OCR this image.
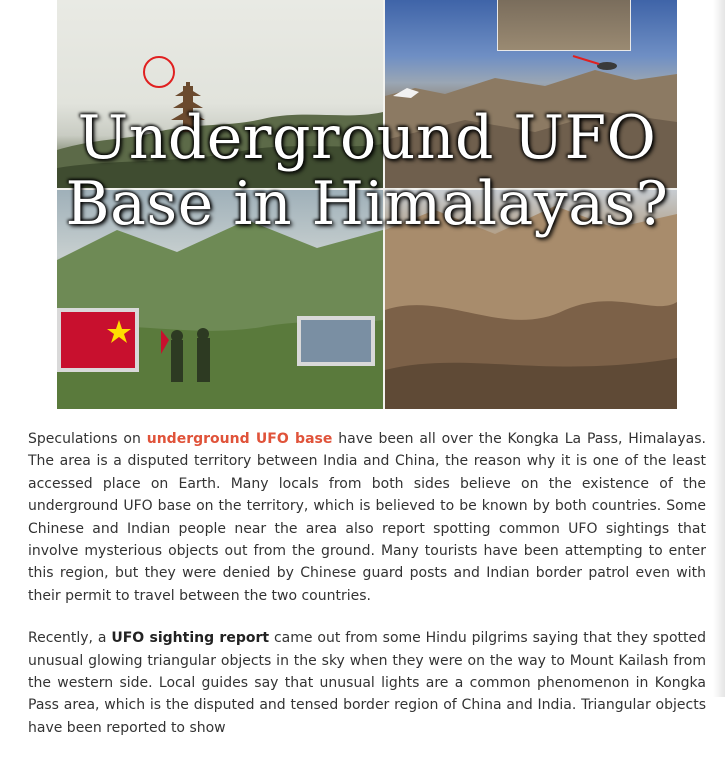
Underground UFO
Base in Himalayas?

Speculations on underground UFO base have been all over the Kongka La Pass, Himalayas. The area is a disputed territory between India and China, the reason why it is one of the least accessed place on Earth. Many locals from both sides believe on the existence of the underground UFO base on the territory, which is believed to be known by both countries. Some Chinese and Indian people near the area also report spotting common UFO sightings that involve mysterious objects out from the ground. Many tourists have been attempting to enter this region, but they were denied by Chinese guard posts and Indian border patrol even with their permit to travel between the two countries.

Recently, a UFO sighting report came out from some Hindu pilgrims saying that they spotted unusual glowing triangular objects in the sky when they were on the way to Mount Kailash from the western side. Local guides say that unusual lights are a common phenomenon in Kongka Pass area, which is the disputed and tensed border region of China and India. Triangular objects have been reported to show
